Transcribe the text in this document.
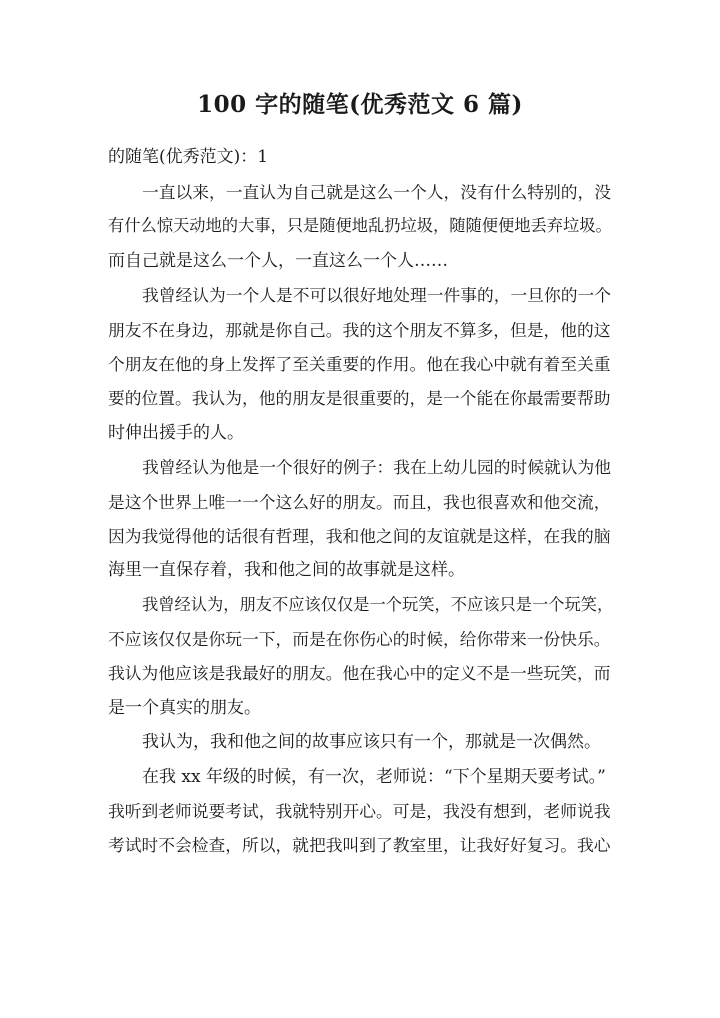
100 字的随笔(优秀范文 6 篇)
的随笔(优秀范文)：1
一直以来，一直认为自己就是这么一个人，没有什么特别的，没
有什么惊天动地的大事，只是随便地乱扔垃圾，随随便便地丢弃垃圾。
而自己就是这么一个人，一直这么一个人……
我曾经认为一个人是不可以很好地处理一件事的，一旦你的一个
朋友不在身边，那就是你自己。我的这个朋友不算多，但是，他的这
个朋友在他的身上发挥了至关重要的作用。他在我心中就有着至关重
要的位置。我认为，他的朋友是很重要的，是一个能在你最需要帮助
时伸出援手的人。
我曾经认为他是一个很好的例子：我在上幼儿园的时候就认为他
是这个世界上唯一一个这么好的朋友。而且，我也很喜欢和他交流，
因为我觉得他的话很有哲理，我和他之间的友谊就是这样，在我的脑
海里一直保存着，我和他之间的故事就是这样。
我曾经认为，朋友不应该仅仅是一个玩笑，不应该只是一个玩笑，
不应该仅仅是你玩一下，而是在你伤心的时候，给你带来一份快乐。
我认为他应该是我最好的朋友。他在我心中的定义不是一些玩笑，而
是一个真实的朋友。
我认为，我和他之间的故事应该只有一个，那就是一次偶然。
在我 xx 年级的时候，有一次，老师说：“下个星期天要考试。”
我听到老师说要考试，我就特别开心。可是，我没有想到，老师说我
考试时不会检查，所以，就把我叫到了教室里，让我好好复习。我心
